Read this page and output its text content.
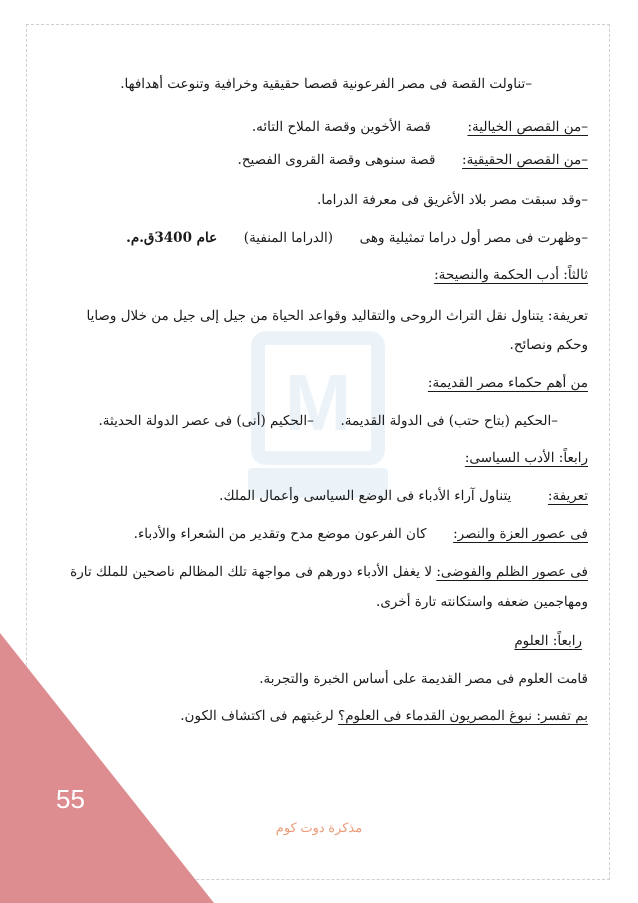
M
–تناولت القصة فى مصر الفرعونية قصصا حقيقية وخرافية وتنوعت أهدافها.
–من القصص الخيالية:  قصة الأخوين وقصة الملاح التائه.
–من القصص الحقيقية:  قصة سنوهى وقصة القروى الفصيح.
–وقد سبقت مصر بلاد الأغريق فى معرفة الدراما.
–وظهرت فى مصر أول دراما تمثيلية وهى  (الدراما المنفية)  عام 3400ق.م.
ثالثاً: أدب الحكمة والنصيحة:
تعريفة: يتناول نقل التراث الروحى والتقاليد وقواعد الحياة من جيل إلى جيل من خلال وصايا
وحكم ونصائح.
من أهم حكماء مصر القديمة:
–الحكيم (بتاح حتب) فى الدولة القديمة.  –الحكيم (أنى) فى عصر الدولة الحديثة.
رابعاً: الأدب السياسى:
تعريفة:  يتناول آراء الأدباء فى الوضع السياسى وأعمال الملك.
فى عصور العزة والنصر:  كان الفرعون موضع مدح وتقدير من الشعراء والأدباء.
فى عصور الظلم والفوضى: لا يغفل الأدباء دورهم فى مواجهة تلك المظالم ناصحين للملك تارة
ومهاجمين ضعفه واستكانته تارة أخرى.
رابعاً: العلوم
قامت العلوم فى مصر القديمة على أساس الخبرة والتجربة.
بم تفسر: نبوغ المصريون القدماء فى العلوم؟ لرغبتهم فى اكتشاف الكون.
55
مذكرة دوت كوم
